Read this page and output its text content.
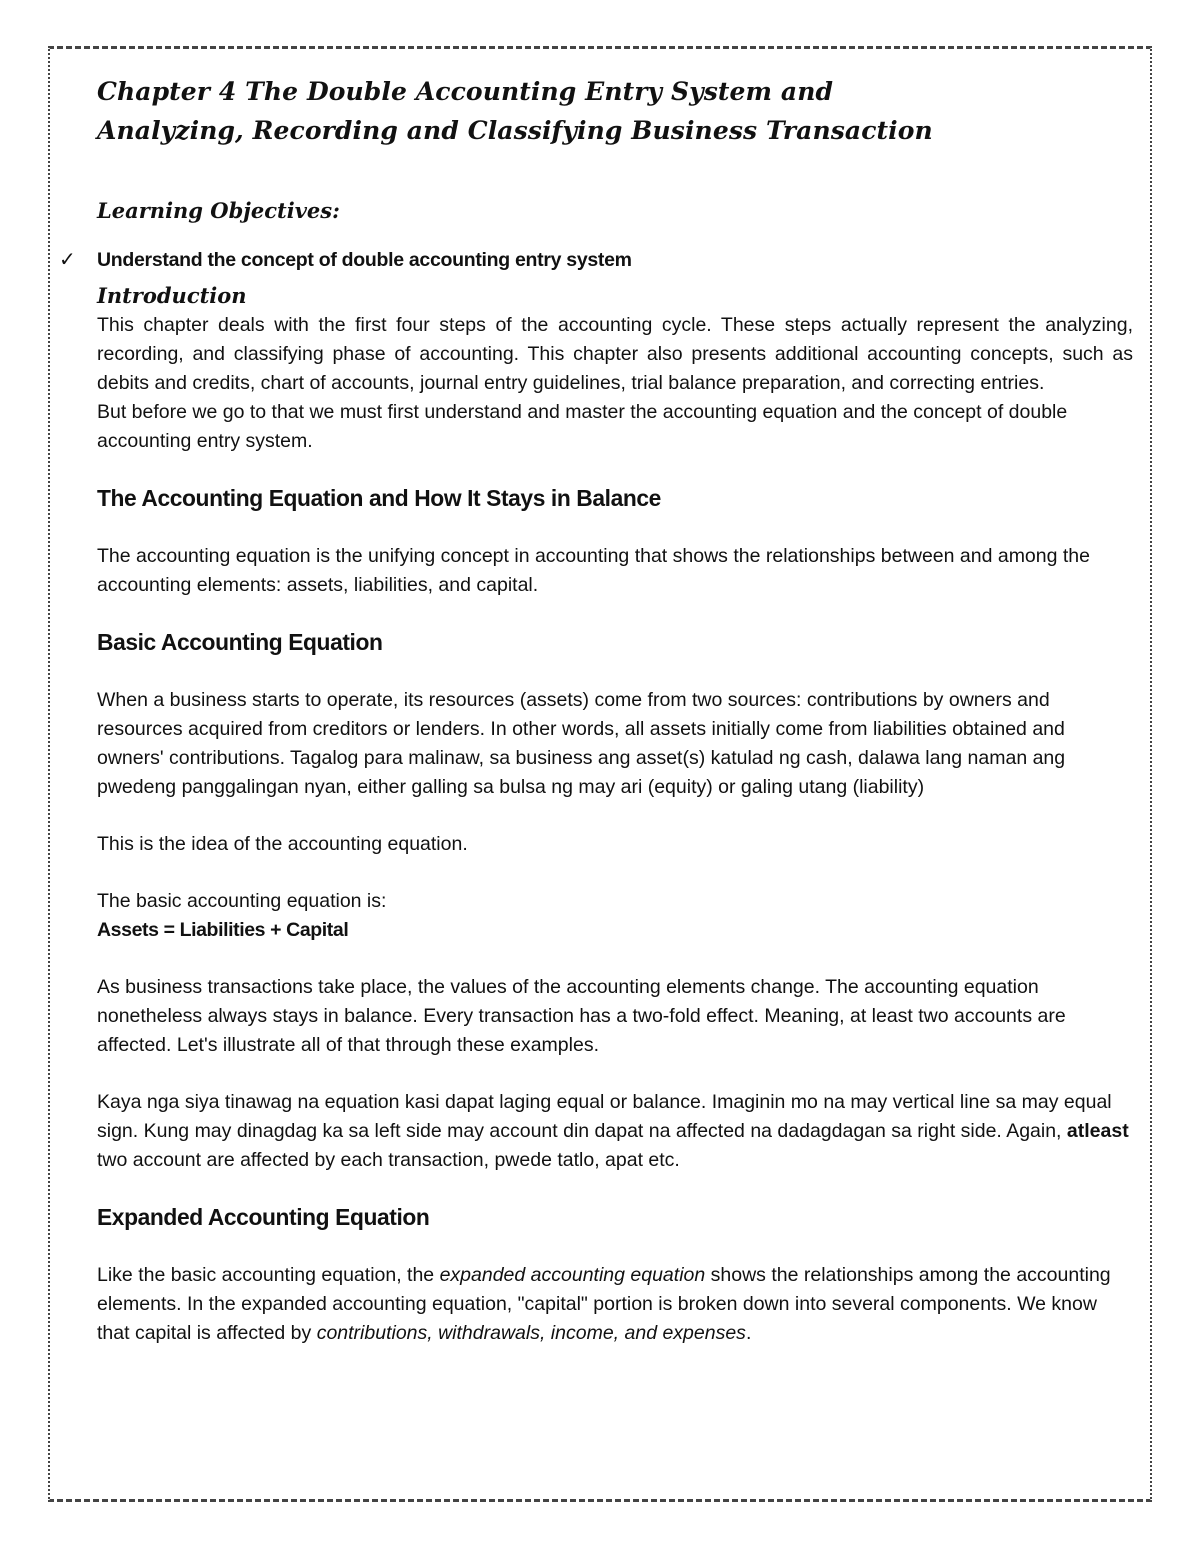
Chapter 4 The Double Accounting Entry System and
Analyzing, Recording and Classifying Business Transaction
Learning Objectives:
✓ Understand the concept of double accounting entry system
Introduction

This chapter deals with the first four steps of the accounting cycle. These steps actually represent the analyzing, recording, and classifying phase of accounting. This chapter also presents additional accounting concepts, such as debits and credits, chart of accounts, journal entry guidelines, trial balance preparation, and correcting entries.

But before we go to that we must first understand and master the accounting equation and the concept of double accounting entry system.

The Accounting Equation and How It Stays in Balance

The accounting equation is the unifying concept in accounting that shows the relationships between and among the accounting elements: assets, liabilities, and capital.

Basic Accounting Equation

When a business starts to operate, its resources (assets) come from two sources: contributions by owners and resources acquired from creditors or lenders. In other words, all assets initially come from liabilities obtained and owners' contributions. Tagalog para malinaw, sa business ang asset(s) katulad ng cash, dalawa lang naman ang pwedeng panggalingan nyan, either galling sa bulsa ng may ari (equity) or galing utang (liability)

This is the idea of the accounting equation.

The basic accounting equation is:

Assets = Liabilities + Capital

As business transactions take place, the values of the accounting elements change. The accounting equation nonetheless always stays in balance. Every transaction has a two-fold effect. Meaning, at least two accounts are affected. Let's illustrate all of that through these examples.

Kaya nga siya tinawag na equation kasi dapat laging equal or balance. Imaginin mo na may vertical line sa may equal sign. Kung may dinagdag ka sa left side may account din dapat na affected na dadagdagan sa right side. Again, atleast two account are affected by each transaction, pwede tatlo, apat etc.

Expanded Accounting Equation

Like the basic accounting equation, the expanded accounting equation shows the relationships among the accounting elements. In the expanded accounting equation, "capital" portion is broken down into several components. We know that capital is affected by contributions, withdrawals, income, and expenses.
